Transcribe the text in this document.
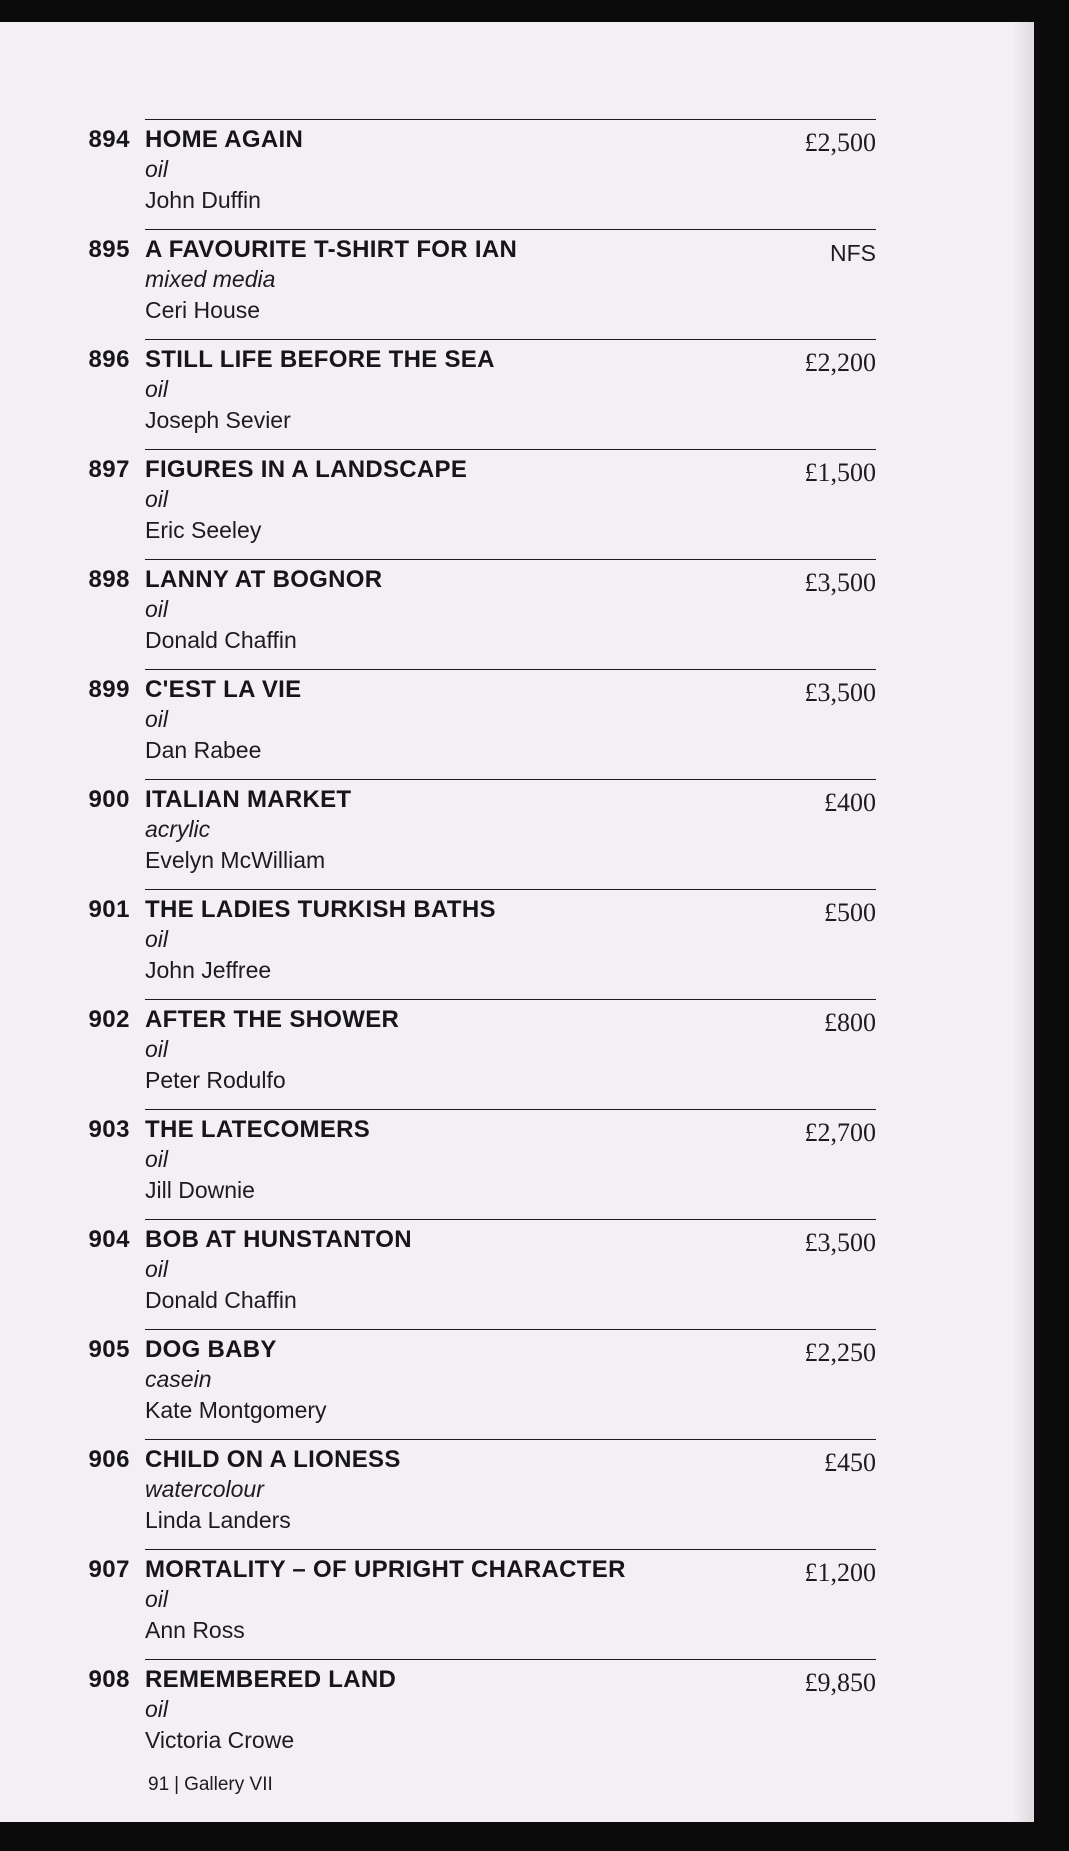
894 HOME AGAIN
oil
John Duffin
£2,500
895 A FAVOURITE T-SHIRT FOR IAN
mixed media
Ceri House
NFS
896 STILL LIFE BEFORE THE SEA
oil
Joseph Sevier
£2,200
897 FIGURES IN A LANDSCAPE
oil
Eric Seeley
£1,500
898 LANNY AT BOGNOR
oil
Donald Chaffin
£3,500
899 C'EST LA VIE
oil
Dan Rabee
£3,500
900 ITALIAN MARKET
acrylic
Evelyn McWilliam
£400
901 THE LADIES TURKISH BATHS
oil
John Jeffree
£500
902 AFTER THE SHOWER
oil
Peter Rodulfo
£800
903 THE LATECOMERS
oil
Jill Downie
£2,700
904 BOB AT HUNSTANTON
oil
Donald Chaffin
£3,500
905 DOG BABY
casein
Kate Montgomery
£2,250
906 CHILD ON A LIONESS
watercolour
Linda Landers
£450
907 MORTALITY – OF UPRIGHT CHARACTER
oil
Ann Ross
£1,200
908 REMEMBERED LAND
oil
Victoria Crowe
£9,850
91 | Gallery VII
